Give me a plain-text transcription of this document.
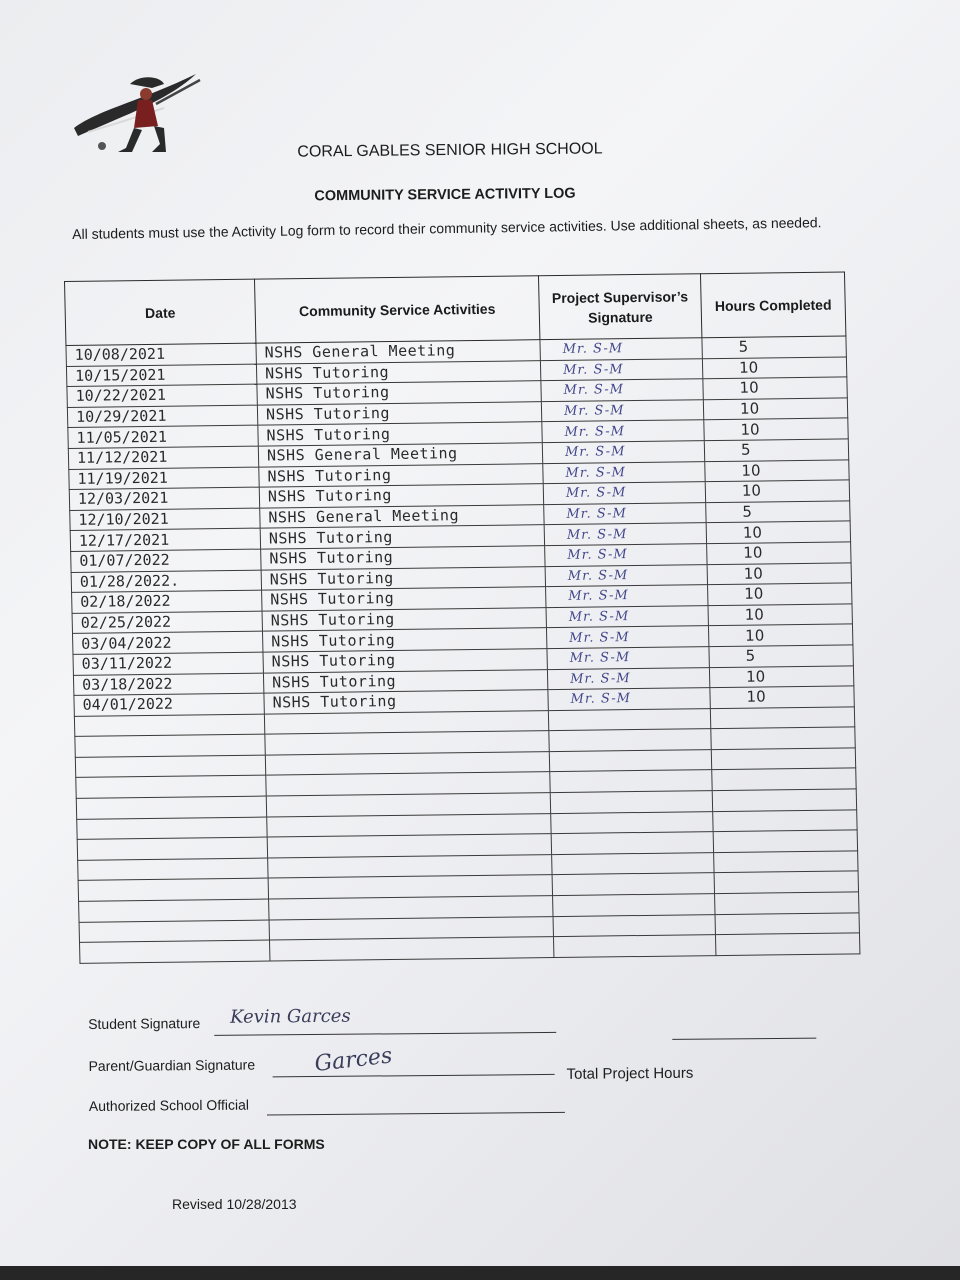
CORAL GABLES SENIOR HIGH SCHOOL
COMMUNITY SERVICE ACTIVITY LOG
All students must use the Activity Log form to record their community service activities. Use additional sheets, as needed.
Date	Community Service Activities	Project Supervisor’s Signature	Hours Completed
10/08/2021	NSHS General Meeting	Mr. S-M	5
10/15/2021	NSHS Tutoring	Mr. S-M	10
10/22/2021	NSHS Tutoring	Mr. S-M	10
10/29/2021	NSHS Tutoring	Mr. S-M	10
11/05/2021	NSHS Tutoring	Mr. S-M	10
11/12/2021	NSHS General Meeting	Mr. S-M	5
11/19/2021	NSHS Tutoring	Mr. S-M	10
12/03/2021	NSHS Tutoring	Mr. S-M	10
12/10/2021	NSHS General Meeting	Mr. S-M	5
12/17/2021	NSHS Tutoring	Mr. S-M	10
01/07/2022	NSHS Tutoring	Mr. S-M	10
01/28/2022.	NSHS Tutoring	Mr. S-M	10
02/18/2022	NSHS Tutoring	Mr. S-M	10
02/25/2022	NSHS Tutoring	Mr. S-M	10
03/04/2022	NSHS Tutoring	Mr. S-M	10
03/11/2022	NSHS Tutoring	Mr. S-M	5
03/18/2022	NSHS Tutoring	Mr. S-M	10
04/01/2022	NSHS Tutoring	Mr. S-M	10

Student Signature Kevin Garces
Parent/Guardian Signature	Garces
Authorized School Official
Total Project Hours
NOTE: KEEP COPY OF ALL FORMS
Revised 10/28/2013
